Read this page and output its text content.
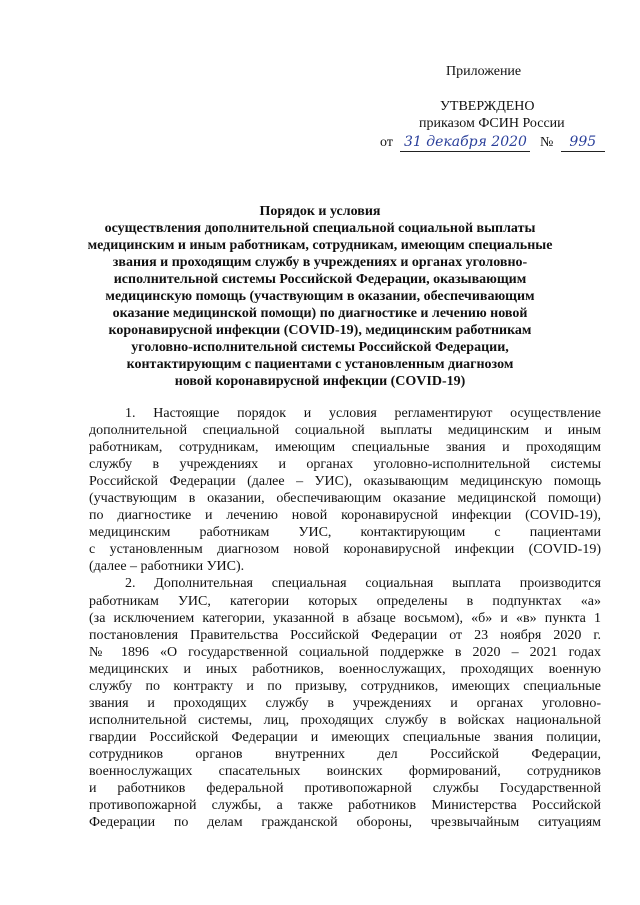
Приложение
УТВЕРЖДЕНО
приказом ФСИН России
от 31 декабря 2020 № 995
Порядок и условия
осуществления дополнительной специальной социальной выплаты
медицинским и иным работникам, сотрудникам, имеющим специальные
звания и проходящим службу в учреждениях и органах уголовно-
исполнительной системы Российской Федерации, оказывающим
медицинскую помощь (участвующим в оказании, обеспечивающим
оказание медицинской помощи) по диагностике и лечению новой
коронавирусной инфекции (COVID-19), медицинским работникам
уголовно-исполнительной системы Российской Федерации,
контактирующим с пациентами с установленным диагнозом
новой коронавирусной инфекции (COVID-19)
1. Настоящие порядок и условия регламентируют осуществление
дополнительной специальной социальной выплаты медицинским и иным
работникам, сотрудникам, имеющим специальные звания и проходящим
службу в учреждениях и органах уголовно-исполнительной системы
Российской Федерации (далее – УИС), оказывающим медицинскую помощь
(участвующим в оказании, обеспечивающим оказание медицинской помощи)
по диагностике и лечению новой коронавирусной инфекции (COVID-19),
медицинским работникам УИС, контактирующим с пациентами
с установленным диагнозом новой коронавирусной инфекции (COVID-19)
(далее – работники УИС).
2. Дополнительная специальная социальная выплата производится
работникам УИС, категории которых определены в подпунктах «а»
(за исключением категории, указанной в абзаце восьмом), «б» и «в» пункта 1
постановления Правительства Российской Федерации от 23 ноября 2020 г.
№ 1896 «О государственной социальной поддержке в 2020 – 2021 годах
медицинских и иных работников, военнослужащих, проходящих военную
службу по контракту и по призыву, сотрудников, имеющих специальные
звания и проходящих службу в учреждениях и органах уголовно-
исполнительной системы, лиц, проходящих службу в войсках национальной
гвардии Российской Федерации и имеющих специальные звания полиции,
сотрудников органов внутренних дел Российской Федерации,
военнослужащих спасательных воинских формирований, сотрудников
и работников федеральной противопожарной службы Государственной
противопожарной службы, а также работников Министерства Российской
Федерации по делам гражданской обороны, чрезвычайным ситуациям
